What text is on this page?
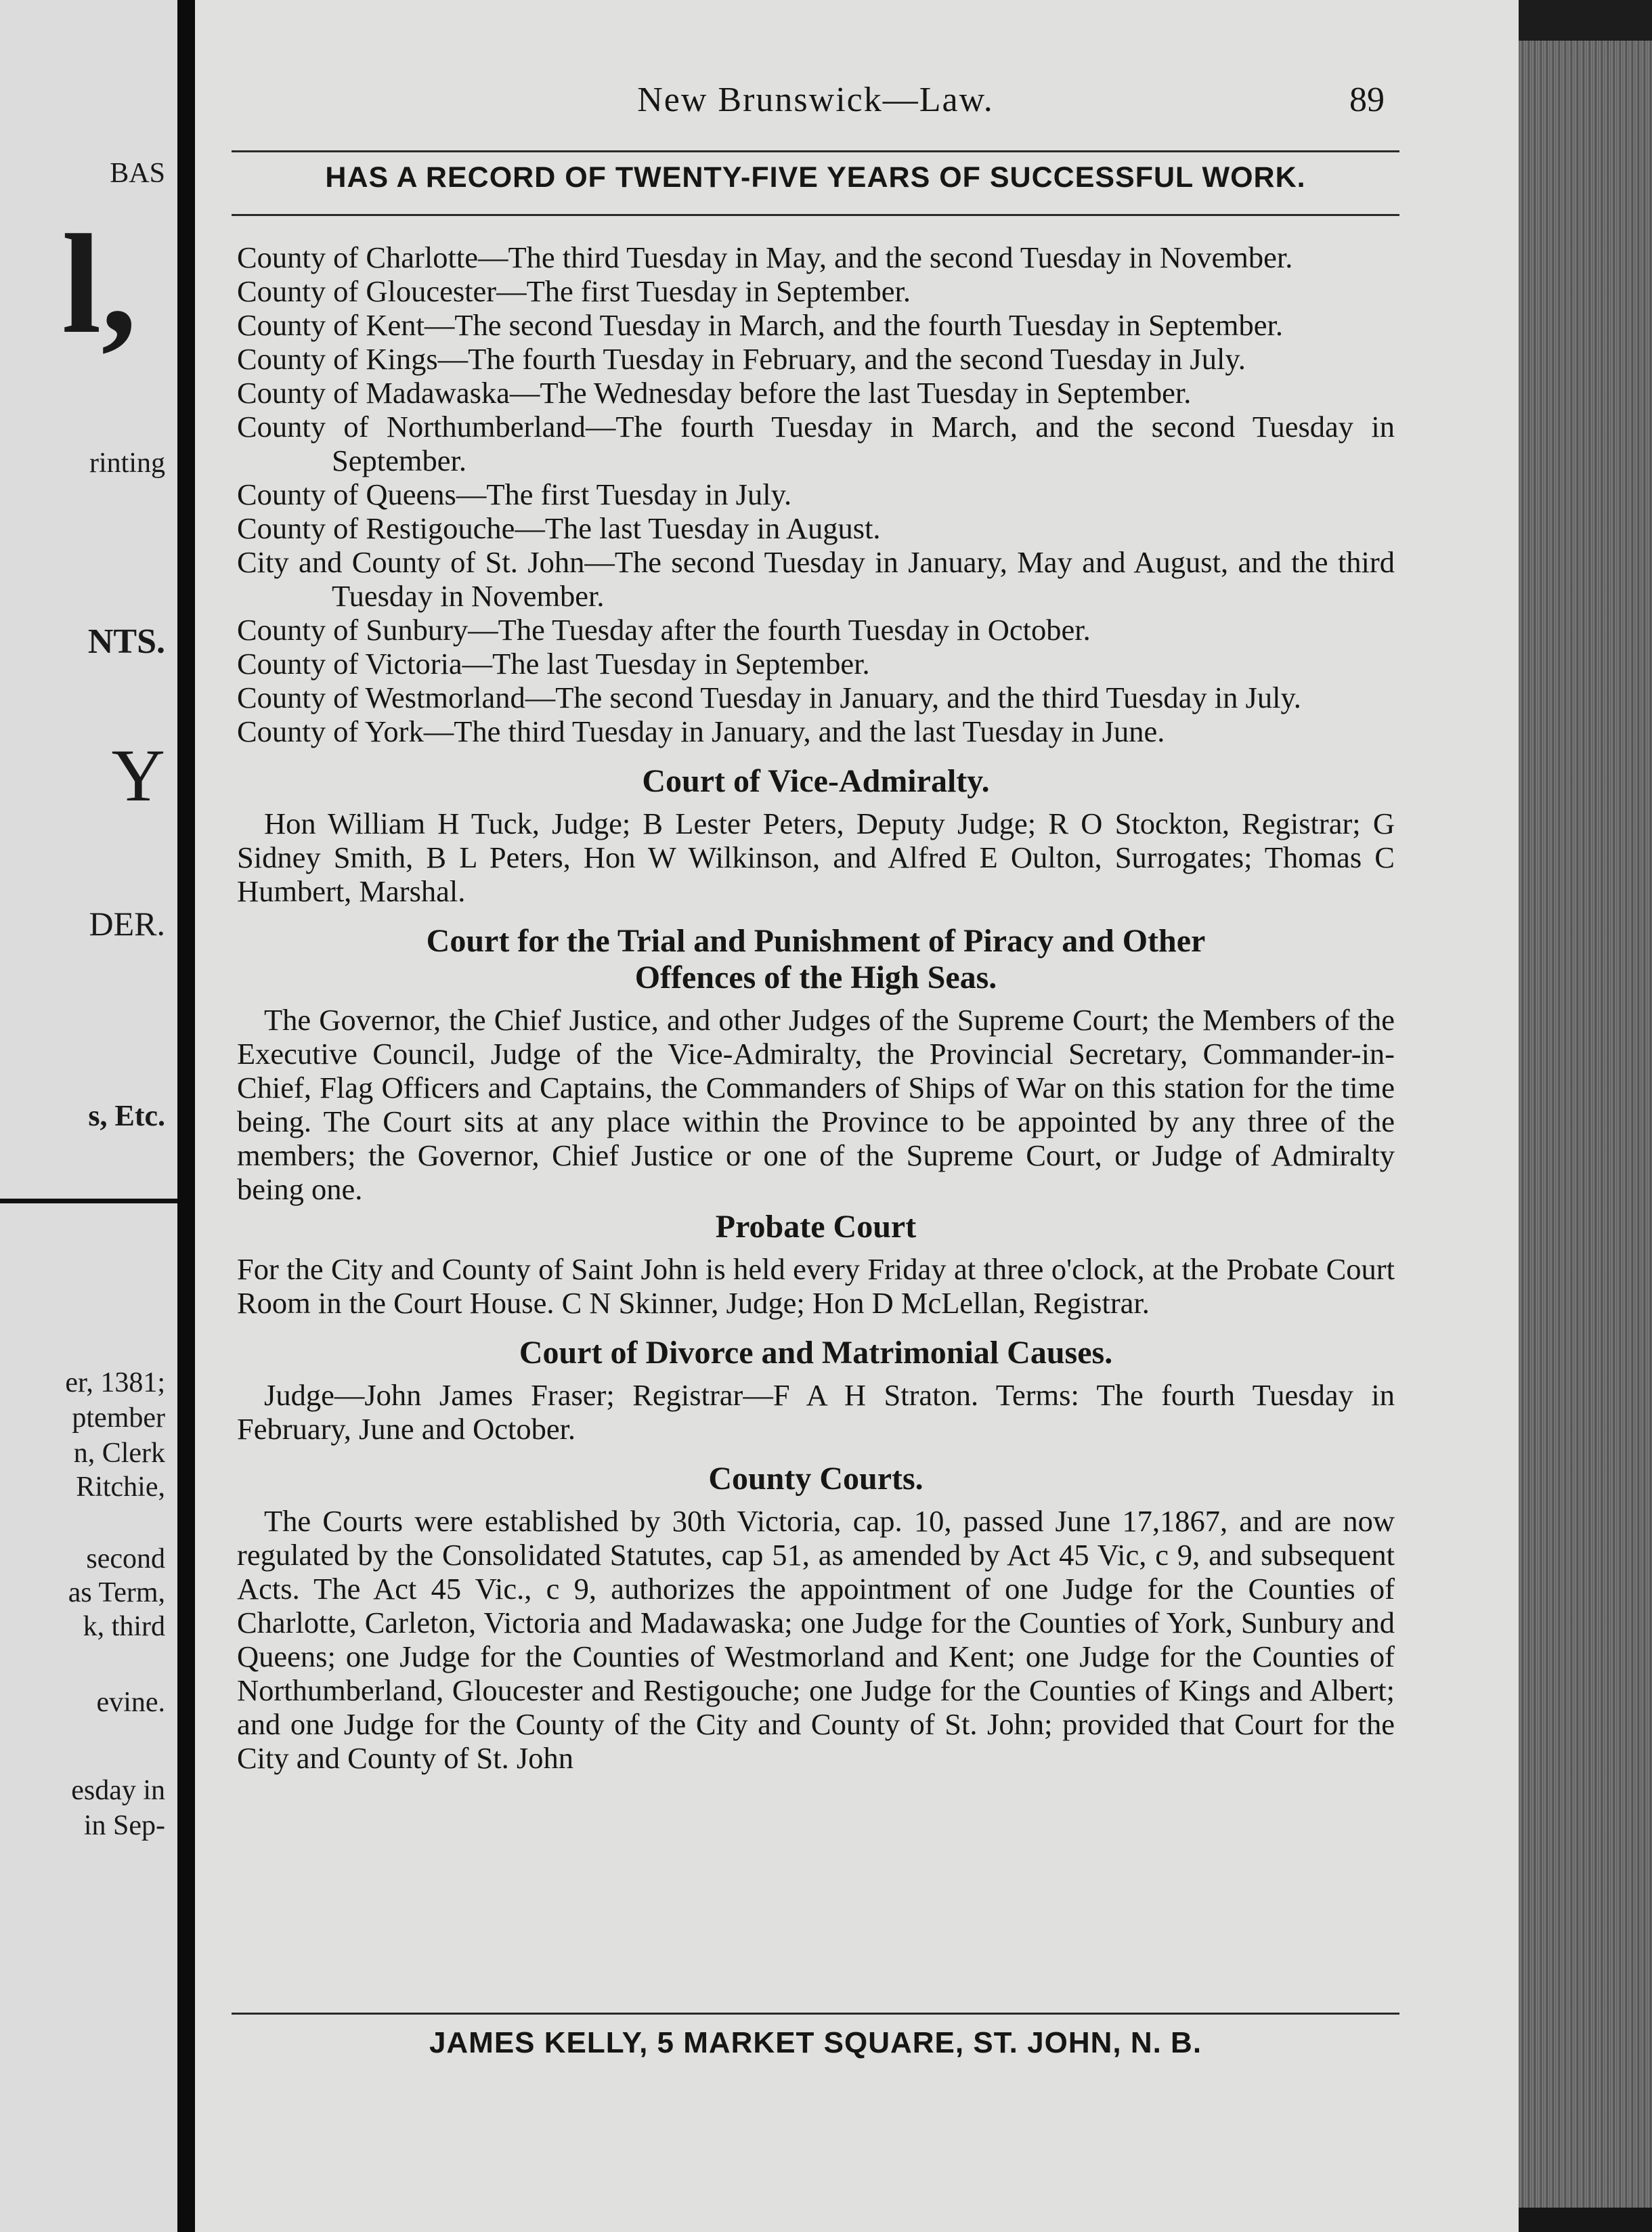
BAS
l,
rinting
NTS.
Y
DER.
s, Etc.
er, 1381;
ptember
n, Clerk
Ritchie,
second
as Term,
k, third
evine.
esday in
in Sep-
New Brunswick—Law.	89
HAS A RECORD OF TWENTY-FIVE YEARS OF SUCCESSFUL WORK.

County of Charlotte—The third Tuesday in May, and the second Tuesday in November.

County of Gloucester—The first Tuesday in September.

County of Kent—The second Tuesday in March, and the fourth Tuesday in September.

County of Kings—The fourth Tuesday in February, and the second Tuesday in July.

County of Madawaska—The Wednesday before the last Tuesday in September.

County of Northumberland—The fourth Tuesday in March, and the second Tuesday in September.

County of Queens—The first Tuesday in July.

County of Restigouche—The last Tuesday in August.

City and County of St. John—The second Tuesday in January, May and August, and the third Tuesday in November.

County of Sunbury—The Tuesday after the fourth Tuesday in October.

County of Victoria—The last Tuesday in September.

County of Westmorland—The second Tuesday in January, and the third Tuesday in July.

County of York—The third Tuesday in January, and the last Tuesday in June.

Court of Vice-Admiralty.

Hon William H Tuck, Judge; B Lester Peters, Deputy Judge; R O Stockton, Registrar; G Sidney Smith, B L Peters, Hon W Wilkinson, and Alfred E Oulton, Surrogates; Thomas C Humbert, Marshal.

Court for the Trial and Punishment of Piracy and Other
Offences of the High Seas.

The Governor, the Chief Justice, and other Judges of the Supreme Court; the Members of the Executive Council, Judge of the Vice-Admiralty, the Provincial Secretary, Commander-in-Chief, Flag Officers and Captains, the Commanders of Ships of War on this station for the time being. The Court sits at any place within the Province to be appointed by any three of the members; the Governor, Chief Justice or one of the Supreme Court, or Judge of Admiralty being one.

Probate Court

For the City and County of Saint John is held every Friday at three o'clock, at the Probate Court Room in the Court House. C N Skinner, Judge; Hon D McLellan, Registrar.

Court of Divorce and Matrimonial Causes.

Judge—John James Fraser; Registrar—F A H Straton. Terms: The fourth Tuesday in February, June and October.

County Courts.

The Courts were established by 30th Victoria, cap. 10, passed June 17,1867, and are now regulated by the Consolidated Statutes, cap 51, as amended by Act 45 Vic, c 9, and subsequent Acts. The Act 45 Vic., c 9, authorizes the appointment of one Judge for the Counties of Charlotte, Carleton, Victoria and Madawaska; one Judge for the Counties of York, Sunbury and Queens; one Judge for the Counties of Westmorland and Kent; one Judge for the Counties of Northumberland, Gloucester and Restigouche; one Judge for the Counties of Kings and Albert; and one Judge for the County of the City and County of St. John; provided that Court for the City and County of St. John

JAMES KELLY, 5 MARKET SQUARE, ST. JOHN, N. B.
